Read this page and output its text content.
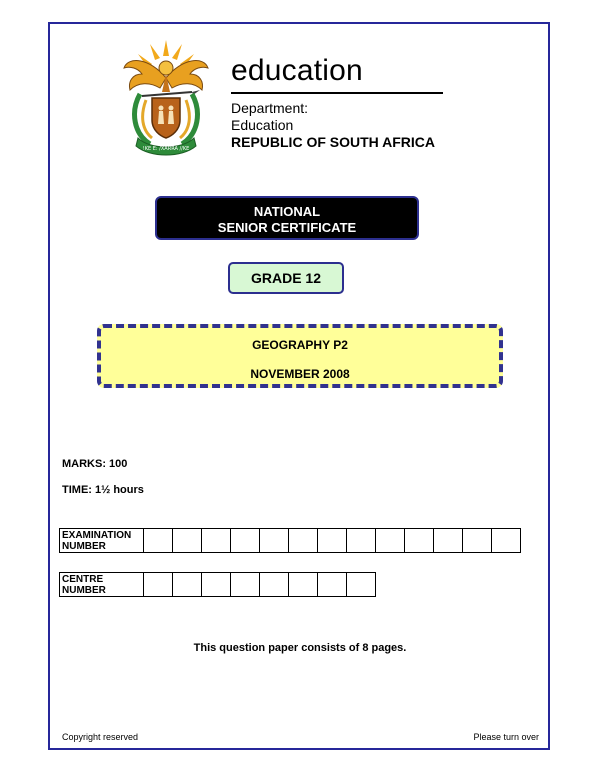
!KE E: /XARRA //KE
education
Department:
Education
REPUBLIC OF SOUTH AFRICA
NATIONAL
SENIOR CERTIFICATE
GRADE 12
GEOGRAPHY P2
NOVEMBER 2008
MARKS: 100
TIME: 1½ hours
EXAMINATION
NUMBER													
CENTRE
NUMBER								
This question paper consists of 8 pages.
Copyright reserved	Please turn over
